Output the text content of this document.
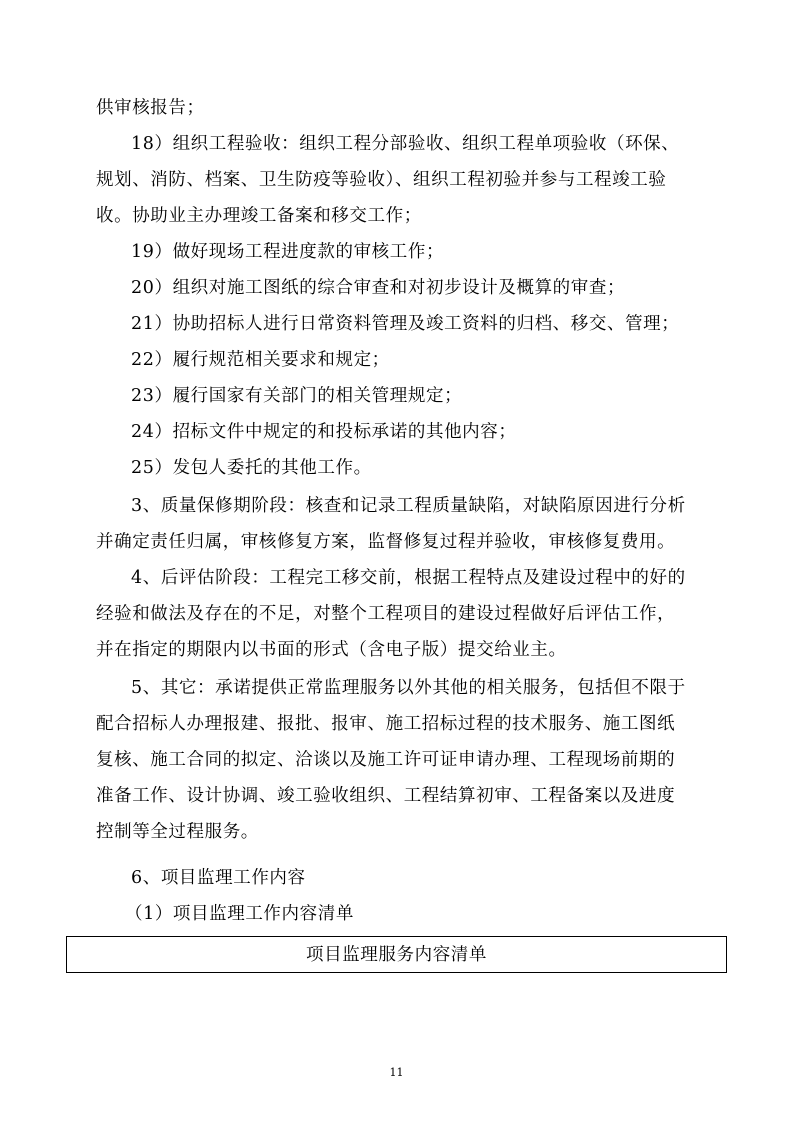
供审核报告；
18）组织工程验收：组织工程分部验收、组织工程单项验收（环保、
规划、消防、档案、卫生防疫等验收）、组织工程初验并参与工程竣工验
收。协助业主办理竣工备案和移交工作；
19）做好现场工程进度款的审核工作；
20）组织对施工图纸的综合审查和对初步设计及概算的审查；
21）协助招标人进行日常资料管理及竣工资料的归档、移交、管理；
22）履行规范相关要求和规定；
23）履行国家有关部门的相关管理规定；
24）招标文件中规定的和投标承诺的其他内容；
25）发包人委托的其他工作。
3、质量保修期阶段：核查和记录工程质量缺陷，对缺陷原因进行分析
并确定责任归属，审核修复方案，监督修复过程并验收，审核修复费用。
4、后评估阶段：工程完工移交前，根据工程特点及建设过程中的好的
经验和做法及存在的不足，对整个工程项目的建设过程做好后评估工作，
并在指定的期限内以书面的形式（含电子版）提交给业主。
5、其它：承诺提供正常监理服务以外其他的相关服务，包括但不限于
配合招标人办理报建、报批、报审、施工招标过程的技术服务、施工图纸
复核、施工合同的拟定、洽谈以及施工许可证申请办理、工程现场前期的
准备工作、设计协调、竣工验收组织、工程结算初审、工程备案以及进度
控制等全过程服务。
6、项目监理工作内容
（1）项目监理工作内容清单
项目监理服务内容清单
11
